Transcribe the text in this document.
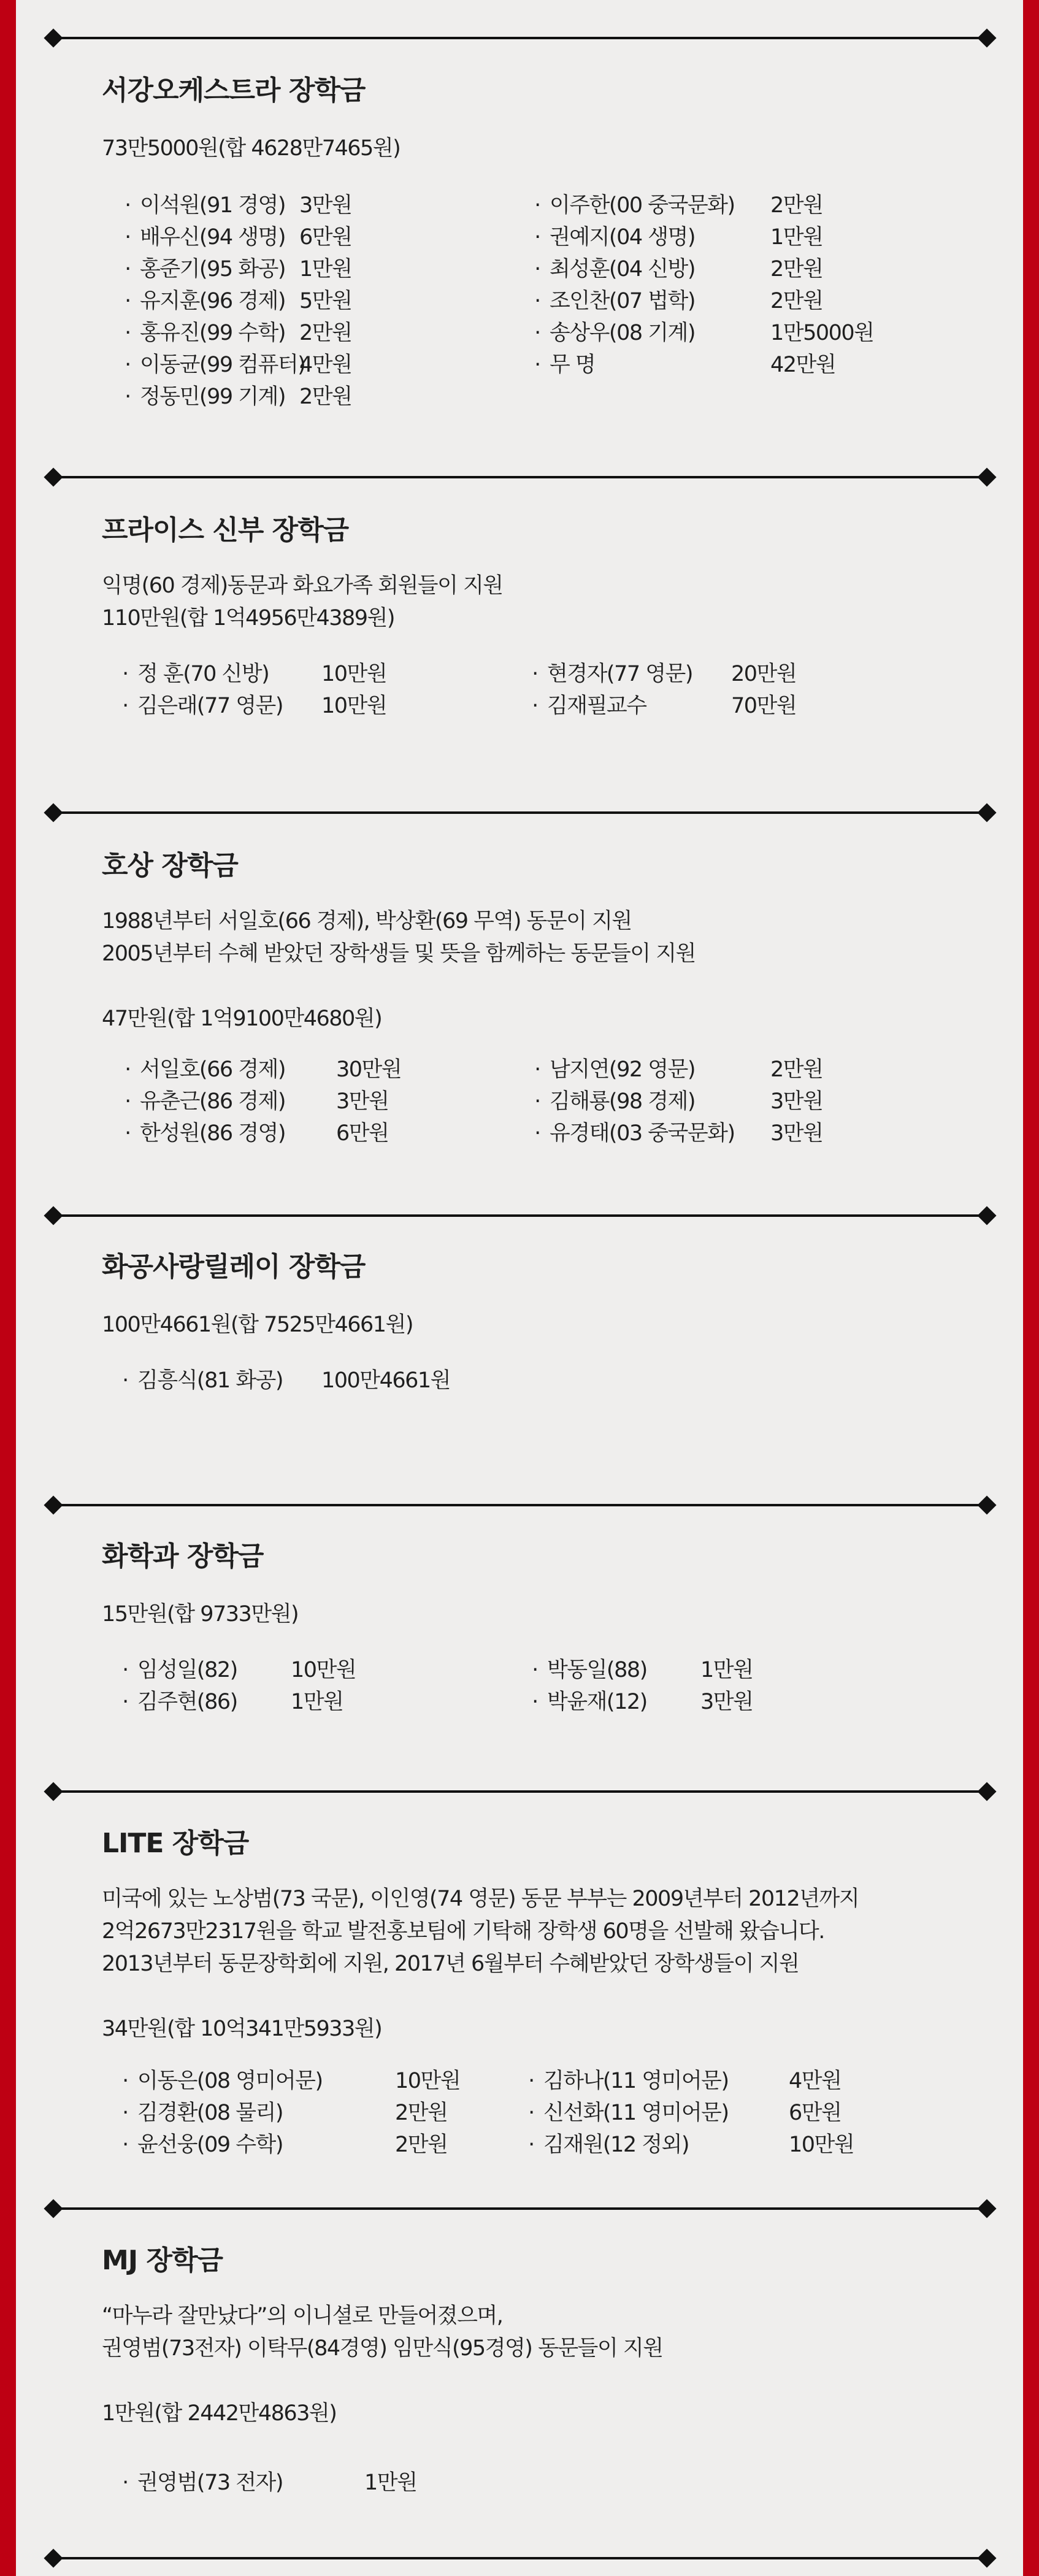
서강오케스트라 장학금

73만5000원(합 4628만7465원)

· 이석원(91 경영) 3만원
· 배우신(94 생명) 6만원
· 홍준기(95 화공) 1만원
· 유지훈(96 경제) 5만원
· 홍유진(99 수학) 2만원
· 이동균(99 컴퓨터)4만원
· 정동민(99 기계) 2만원
· 이주한(00 중국문화) 2만원
· 권예지(04 생명)	1만원
· 최성훈(04 신방)	2만원
· 조인찬(07 법학)	2만원
· 송상우(08 기계)	1만5000원
· 무 명	42만원
프라이스 신부 장학금

익명(60 경제)동문과 화요가족 회원들이 지원

110만원(합 1억4956만4389원)

· 정 훈(70 신방) 10만원
· 김은래(77 영문) 10만원
· 현경자(77 영문) 20만원
· 김재필교수	70만원
호상 장학금

1988년부터 서일호(66 경제), 박상환(69 무역) 동문이 지원

2005년부터 수혜 받았던 장학생들 및 뜻을 함께하는 동문들이 지원

47만원(합 1억9100만4680원)

· 서일호(66 경제) 30만원
· 유춘근(86 경제) 3만원
· 한성원(86 경영) 6만원
· 남지연(92 영문)	2만원
· 김해룡(98 경제)	3만원
· 유경태(03 중국문화) 3만원
화공사랑릴레이 장학금

100만4661원(합 7525만4661원)

· 김흥식(81 화공) 100만4661원
화학과 장학금

15만원(합 9733만원)

· 임성일(82) 10만원
· 김주현(86) 1만원
· 박동일(88) 1만원
· 박윤재(12) 3만원
LITE 장학금

미국에 있는 노상범(73 국문), 이인영(74 영문) 동문 부부는 2009년부터 2012년까지

2억2673만2317원을 학교 발전홍보팀에 기탁해 장학생 60명을 선발해 왔습니다.

2013년부터 동문장학회에 지원, 2017년 6월부터 수혜받았던 장학생들이 지원

34만원(합 10억341만5933원)

· 이동은(08 영미어문)	10만원
· 김경환(08 물리)	2만원
· 윤선웅(09 수학)	2만원
· 김하나(11 영미어문)	4만원
· 신선화(11 영미어문)	6만원
· 김재원(12 정외)	10만원
MJ 장학금

“마누라 잘만났다”의 이니셜로 만들어졌으며,

권영범(73전자) 이탁무(84경영) 임만식(95경영) 동문들이 지원

1만원(합 2442만4863원)

· 권영범(73 전자)	1만원
